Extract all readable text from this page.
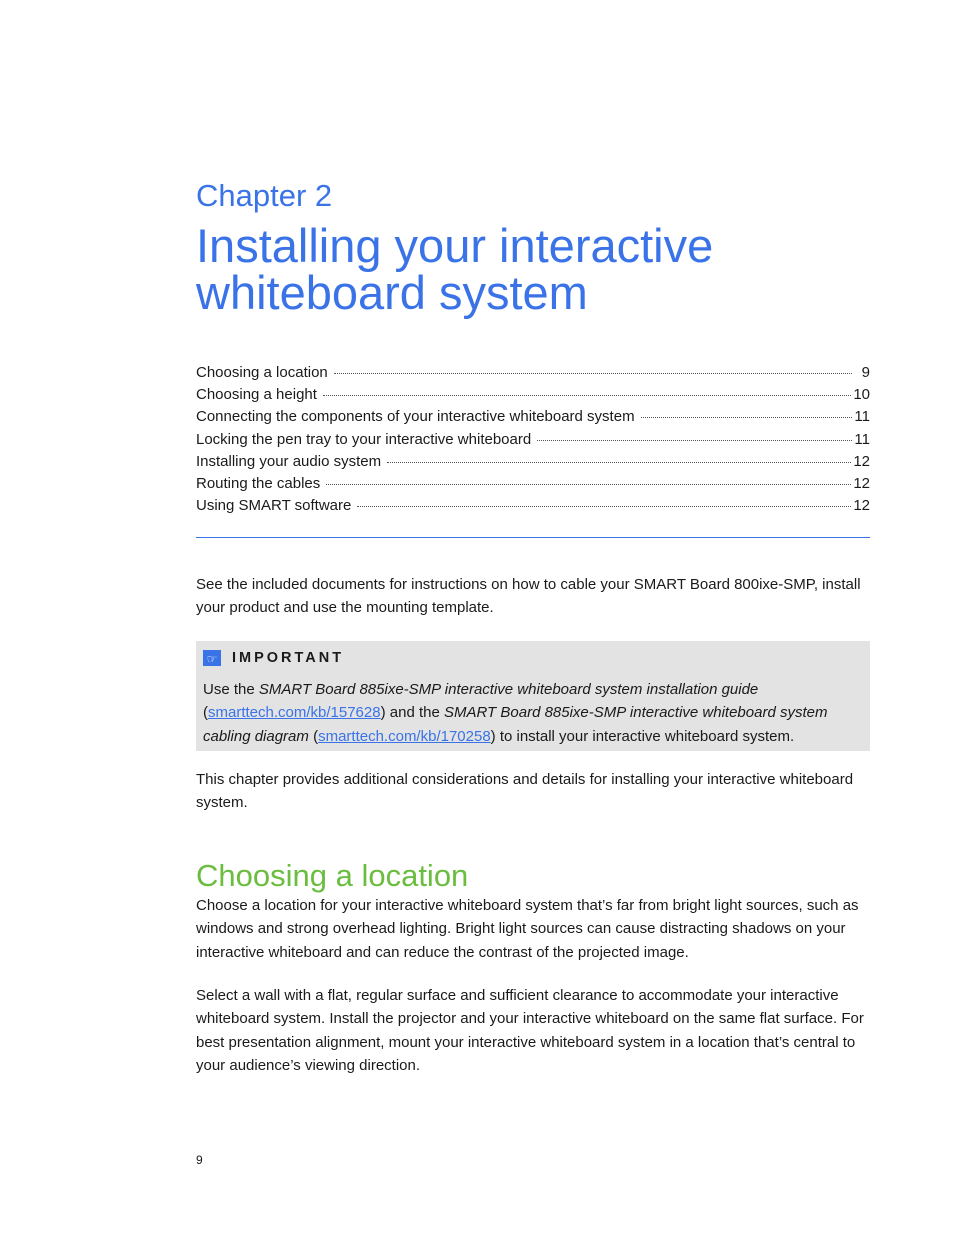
Chapter 2
Installing your interactive whiteboard system
Choosing a location	9
Choosing a height	10
Connecting the components of your interactive whiteboard system	11
Locking the pen tray to your interactive whiteboard	11
Installing your audio system	12
Routing the cables	12
Using SMART software	12

See the included documents for instructions on how to cable your SMART Board 800ixe-SMP, install your product and use the mounting template.

☞ IMPORTANT

Use the SMART Board 885ixe-SMP interactive whiteboard system installation guide (smarttech.com/kb/157628) and the SMART Board 885ixe-SMP interactive whiteboard system cabling diagram (smarttech.com/kb/170258) to install your interactive whiteboard system.

This chapter provides additional considerations and details for installing your interactive whiteboard system.

Choosing a location

Choose a location for your interactive whiteboard system that’s far from bright light sources, such as windows and strong overhead lighting. Bright light sources can cause distracting shadows on your interactive whiteboard and can reduce the contrast of the projected image.

Select a wall with a flat, regular surface and sufficient clearance to accommodate your interactive whiteboard system. Install the projector and your interactive whiteboard on the same flat surface. For best presentation alignment, mount your interactive whiteboard system in a location that’s central to your audience’s viewing direction.

9
